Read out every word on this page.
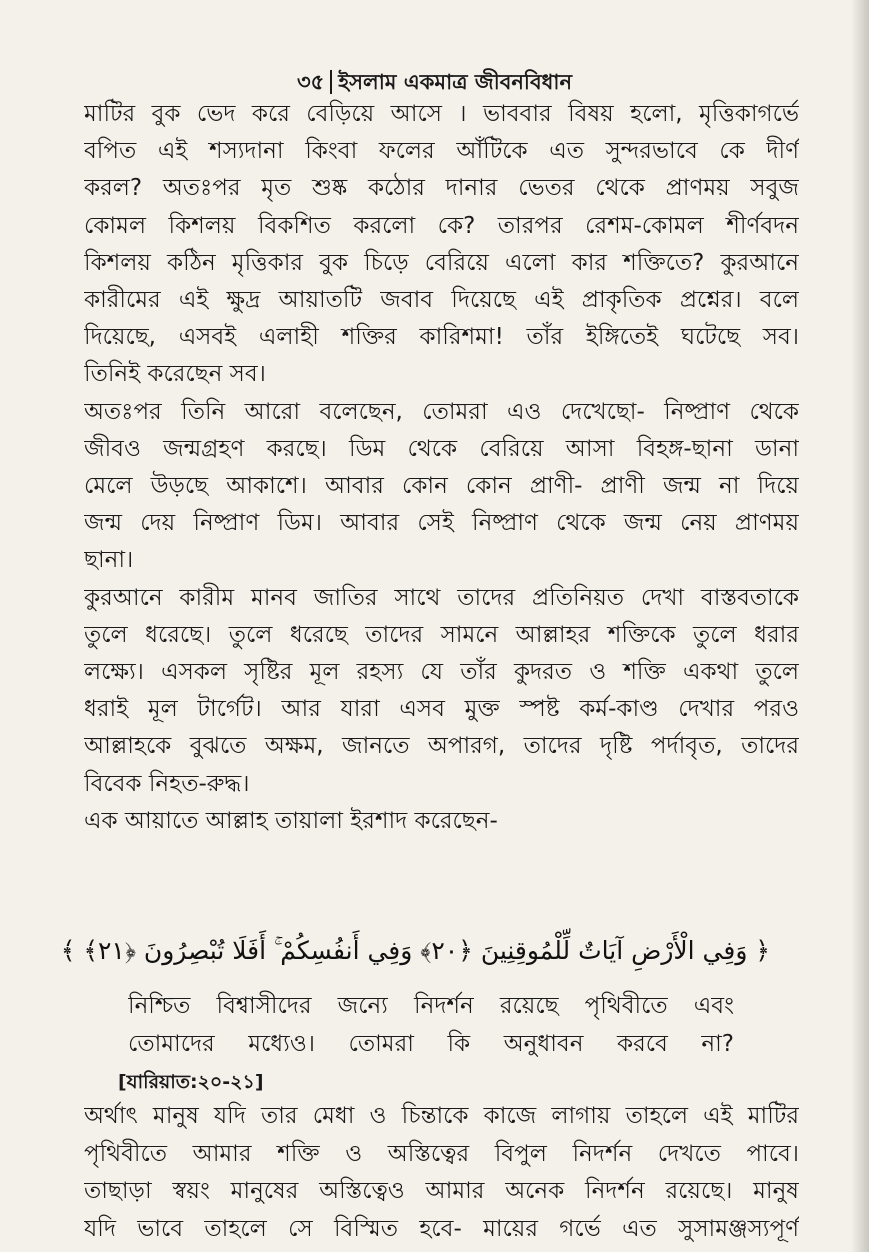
৩৫ ইসলাম একমাত্র জীবনবিধান
মাটির বুক ভেদ করে বেড়িয়ে আসে । ভাববার বিষয় হলো, মৃত্তিকাগর্ভে
বপিত এই শস্যদানা কিংবা ফলের আঁটিকে এত সুন্দরভাবে কে দীর্ণ
করল? অতঃপর মৃত শুষ্ক কঠোর দানার ভেতর থেকে প্রাণময় সবুজ
কোমল কিশলয় বিকশিত করলো কে? তারপর রেশম-কোমল শীর্ণবদন
কিশলয় কঠিন মৃত্তিকার বুক চিড়ে বেরিয়ে এলো কার শক্তিতে? কুরআনে
কারীমের এই ক্ষুদ্র আয়াতটি জবাব দিয়েছে এই প্রাকৃতিক প্রশ্নের। বলে
দিয়েছে, এসবই এলাহী শক্তির কারিশমা! তাঁর ইঙ্গিতেই ঘটেছে সব।
তিনিই করেছেন সব।
অতঃপর তিনি আরো বলেছেন, তোমরা এও দেখেছো- নিষ্প্রাণ থেকে
জীবও জন্মগ্রহণ করছে। ডিম থেকে বেরিয়ে আসা বিহঙ্গ-ছানা ডানা
মেলে উড়ছে আকাশে। আবার কোন কোন প্রাণী- প্রাণী জন্ম না দিয়ে
জন্ম দেয় নিষ্প্রাণ ডিম। আবার সেই নিষ্প্রাণ থেকে জন্ম নেয় প্রাণময়
ছানা।
কুরআনে কারীম মানব জাতির সাথে তাদের প্রতিনিয়ত দেখা বাস্তবতাকে
তুলে ধরেছে। তুলে ধরেছে তাদের সামনে আল্লাহর শক্তিকে তুলে ধরার
লক্ষ্যে। এসকল সৃষ্টির মূল রহস্য যে তাঁর কুদরত ও শক্তি একথা তুলে
ধরাই মূল টার্গেট। আর যারা এসব মুক্ত স্পষ্ট কর্ম-কাণ্ড দেখার পরও
আল্লাহকে বুঝতে অক্ষম, জানতে অপারগ, তাদের দৃষ্টি পর্দাবৃত, তাদের
বিবেক নিহত-রুদ্ধ।
এক আয়াতে আল্লাহ তায়ালা ইরশাদ করেছেন-
﴿ وَفِي الْأَرْضِ آيَاتٌ لِّلْمُوقِنِينَ ﴿٢٠﴾ وَفِي أَنفُسِكُمْ ۚ أَفَلَا تُبْصِرُونَ ﴿٢١﴾ ﴾
নিশ্চিত বিশ্বাসীদের জন্যে নিদর্শন রয়েছে পৃথিবীতে এবং
তোমাদের মধ্যেও। তোমরা কি অনুধাবন করবে না?
[যারিয়াত:২০-২১]
অর্থাৎ মানুষ যদি তার মেধা ও চিন্তাকে কাজে লাগায় তাহলে এই মাটির
পৃথিবীতে আমার শক্তি ও অস্তিত্বের বিপুল নিদর্শন দেখতে পাবে।
তাছাড়া স্বয়ং মানুষের অস্তিত্বেও আমার অনেক নিদর্শন রয়েছে। মানুষ
যদি ভাবে তাহলে সে বিস্মিত হবে- মায়ের গর্ভে এত সুসামঞ্জস্যপূর্ণ
